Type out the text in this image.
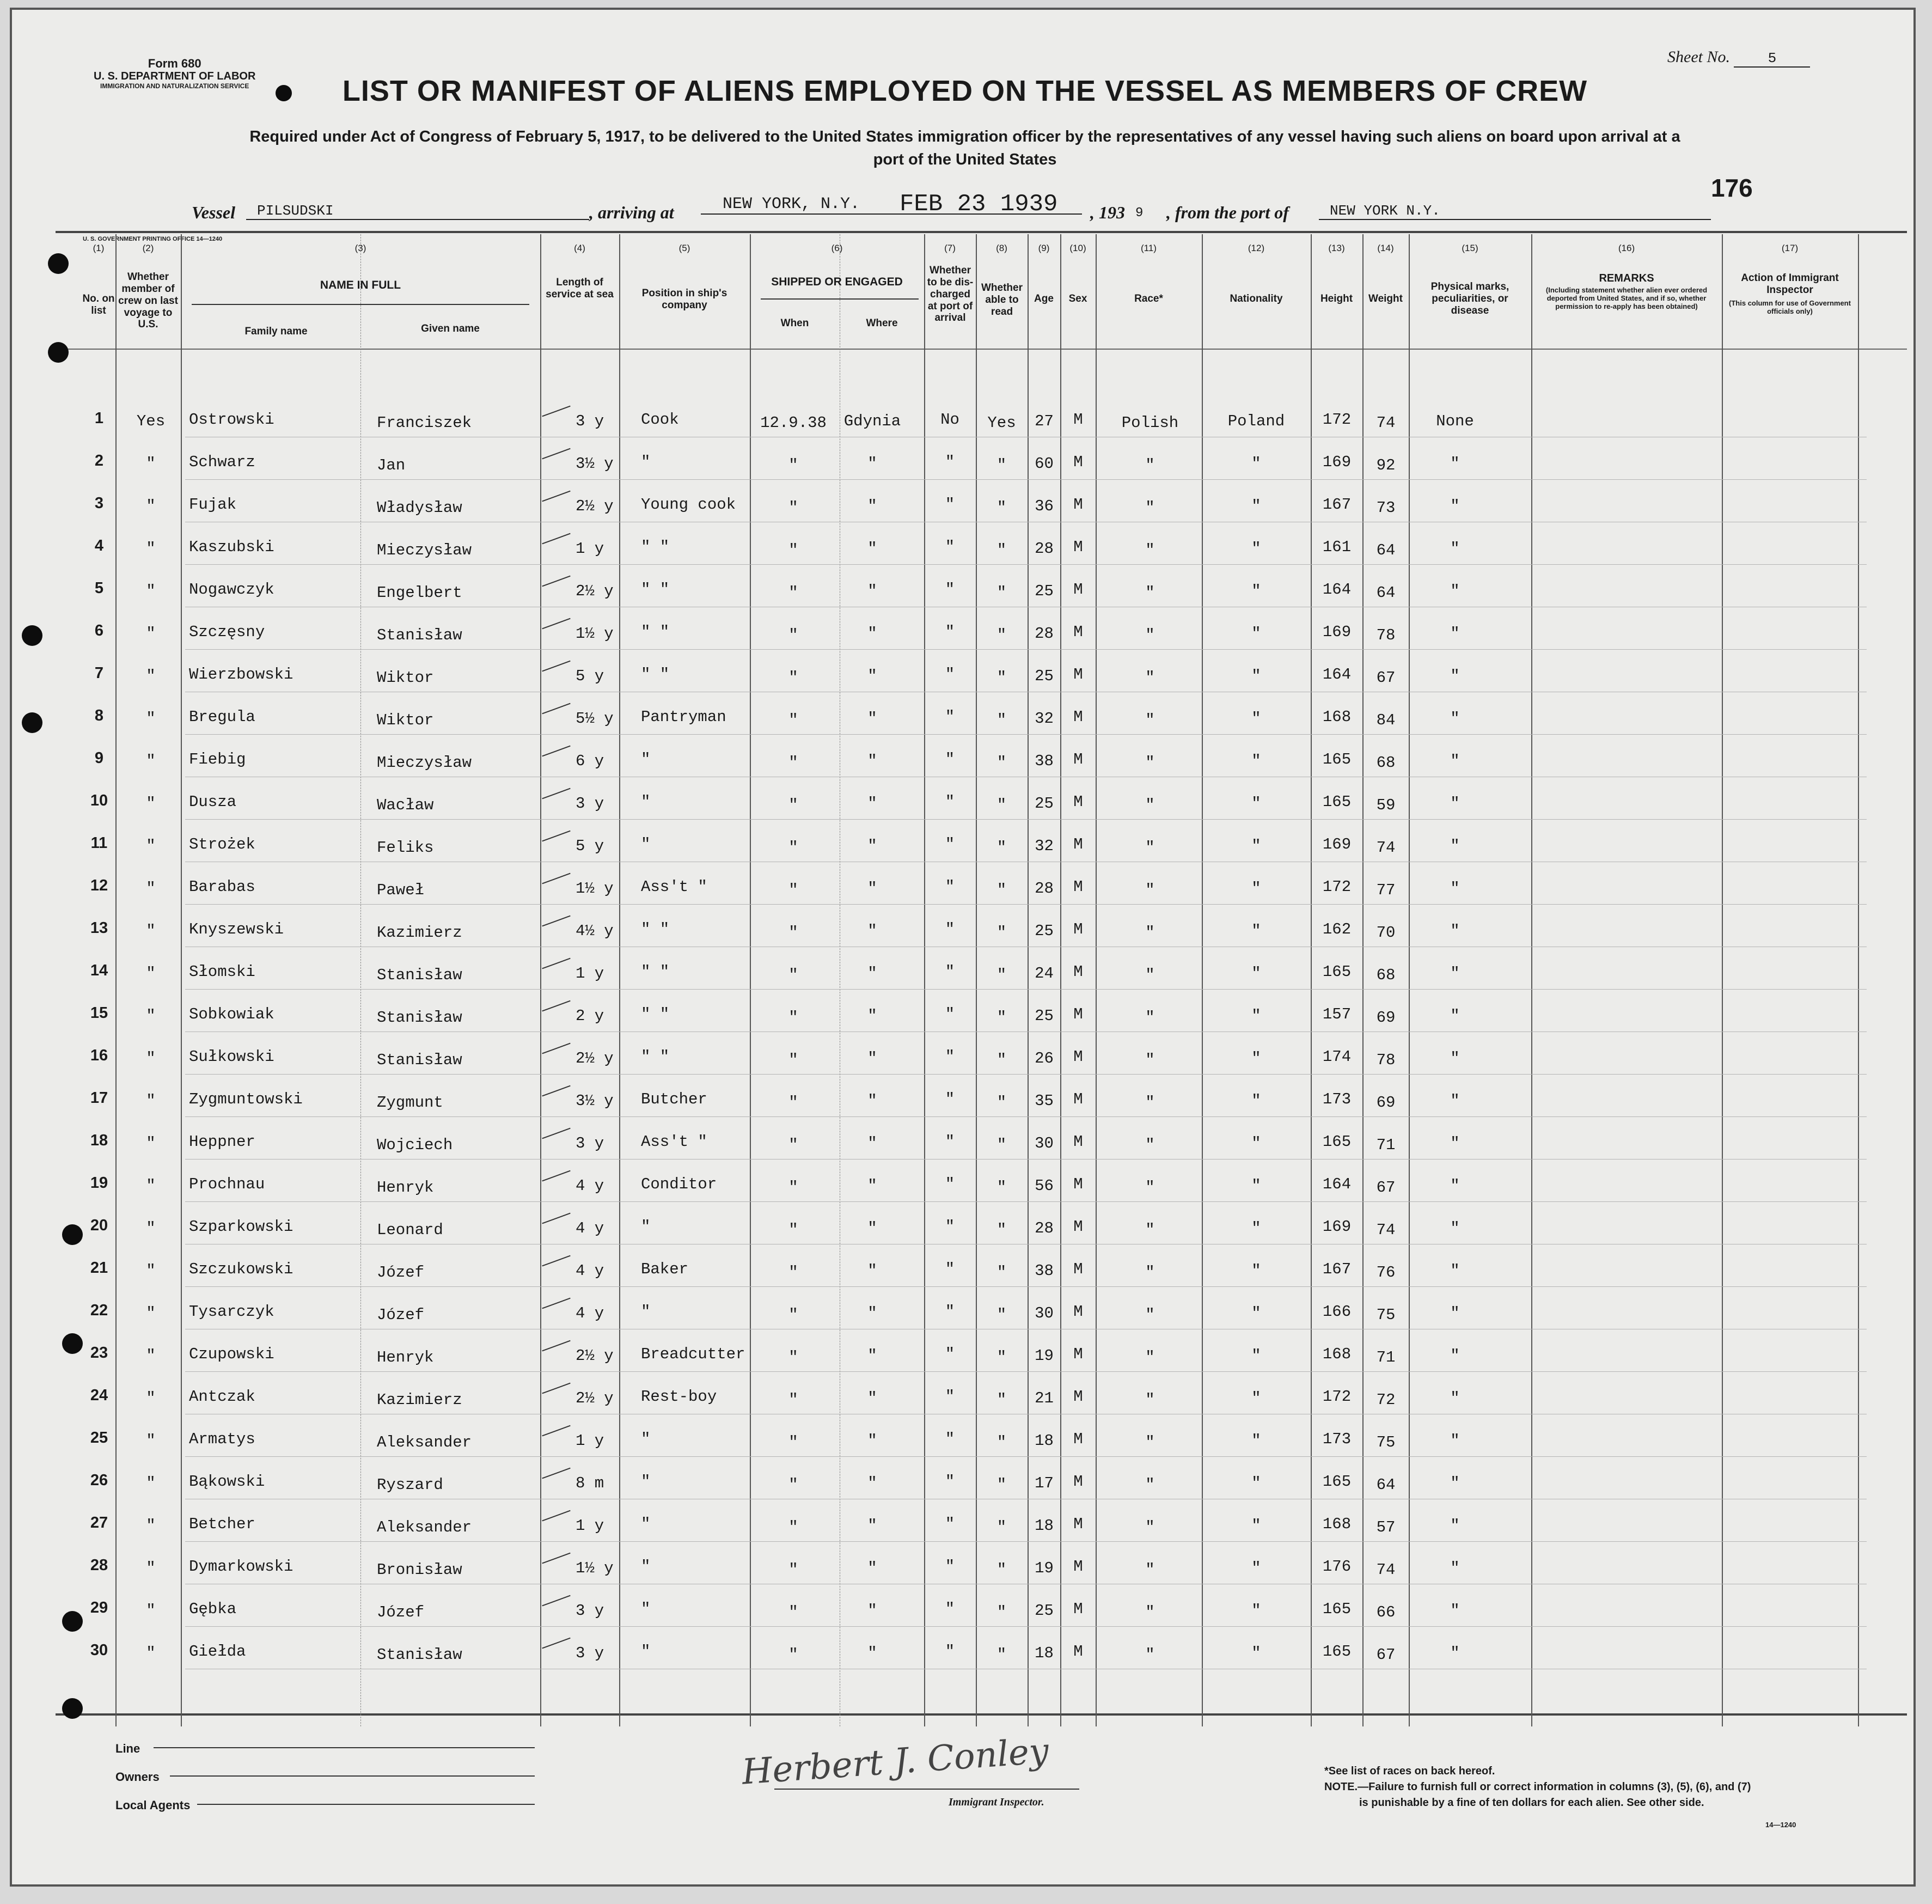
Form 680
U. S. DEPARTMENT OF LABOR
IMMIGRATION AND NATURALIZATION SERVICE
Sheet No.	5
LIST OR MANIFEST OF ALIENS EMPLOYED ON THE VESSEL AS MEMBERS OF CREW
Required under Act of Congress of February 5, 1917, to be delivered to the United States immigration officer by the representatives of any vessel having such aliens on board upon arrival at a
port of the United States
176
Vessel	PILSUDSKI	, arriving at	NEW YORK, N.Y.	FEB 23 1939	, 193 9 , from the port of	NEW YORK N.Y.
U. S. GOVERNMENT PRINTING OFFICE 14—1240
(1)	(2)	(3)	(4)	(5)	(6)	(7)	(8)	(9)	(10)	(11)	(12)	(13)	(14)	(15)	(16)	(17)
No. on list
Whether member of crew on last voyage to U.S.
NAME IN FULL
Family name	Given name
Length of service at sea	Position in ship's company
SHIPPED OR ENGAGED
When	Where
Whether to be dis-charged at port of arrival
Whether able to read
Age	Sex	Race*	Nationality	Height	Weight
Physical marks, peculiarities, or disease
REMARKS
(Including statement whether alien ever ordered deported from United States, and if so, whether permission to re-apply has been obtained)
Action of Immigrant Inspector
(This column for use of Government officials only)
1	Yes	Ostrowski	Franciszek	3 y	Cook	12.9.38	Gdynia	No	Yes	27	M	Polish	Poland	172	74	None
2	"	Schwarz	Jan	3½ y	"	"	"	"	"	60	M	"	"	169	92	"
3	"	Fujak	Władysław	2½ y	Young cook	"	"	"	"	36	M	"	"	167	73	"
4	"	Kaszubski	Mieczysław	1 y	" "	"	"	"	"	28	M	"	"	161	64	"
5	"	Nogawczyk	Engelbert	2½ y	" "	"	"	"	"	25	M	"	"	164	64	"
6	"	Szczęsny	Stanisław	1½ y	" "	"	"	"	"	28	M	"	"	169	78	"
7	"	Wierzbowski	Wiktor	5 y	" "	"	"	"	"	25	M	"	"	164	67	"
8	"	Bregula	Wiktor	5½ y	Pantryman	"	"	"	"	32	M	"	"	168	84	"
9	"	Fiebig	Mieczysław	6 y	"	"	"	"	"	38	M	"	"	165	68	"
10	"	Dusza	Wacław	3 y	"	"	"	"	"	25	M	"	"	165	59	"
11	"	Strożek	Feliks	5 y	"	"	"	"	"	32	M	"	"	169	74	"
12	"	Barabas	Paweł	1½ y	Ass't "	"	"	"	"	28	M	"	"	172	77	"
13	"	Knyszewski	Kazimierz	4½ y	" "	"	"	"	"	25	M	"	"	162	70	"
14	"	Słomski	Stanisław	1 y	" "	"	"	"	"	24	M	"	"	165	68	"
15	"	Sobkowiak	Stanisław	2 y	" "	"	"	"	"	25	M	"	"	157	69	"
16	"	Sułkowski	Stanisław	2½ y	" "	"	"	"	"	26	M	"	"	174	78	"
17	"	Zygmuntowski	Zygmunt	3½ y	Butcher	"	"	"	"	35	M	"	"	173	69	"
18	"	Heppner	Wojciech	3 y	Ass't "	"	"	"	"	30	M	"	"	165	71	"
19	"	Prochnau	Henryk	4 y	Conditor	"	"	"	"	56	M	"	"	164	67	"
20	"	Szparkowski	Leonard	4 y	"	"	"	"	"	28	M	"	"	169	74	"
21	"	Szczukowski	Józef	4 y	Baker	"	"	"	"	38	M	"	"	167	76	"
22	"	Tysarczyk	Józef	4 y	"	"	"	"	"	30	M	"	"	166	75	"
23	"	Czupowski	Henryk	2½ y	Breadcutter	"	"	"	"	19	M	"	"	168	71	"
24	"	Antczak	Kazimierz	2½ y	Rest-boy	"	"	"	"	21	M	"	"	172	72	"
25	"	Armatys	Aleksander	1 y	"	"	"	"	"	18	M	"	"	173	75	"
26	"	Bąkowski	Ryszard	8 m	"	"	"	"	"	17	M	"	"	165	64	"
27	"	Betcher	Aleksander	1 y	"	"	"	"	"	18	M	"	"	168	57	"
28	"	Dymarkowski	Bronisław	1½ y	"	"	"	"	"	19	M	"	"	176	74	"
29	"	Gębka	Józef	3 y	"	"	"	"	"	25	M	"	"	165	66	"
30	"	Giełda	Stanisław	3 y	"	"	"	"	"	18	M	"	"	165	67	"
Line
Owners
Local Agents
Herbert J. Conley
Immigrant Inspector.
*See list of races on back hereof.
NOTE.—Failure to furnish full or correct information in columns (3), (5), (6), and (7)
is punishable by a fine of ten dollars for each alien. See other side.
14—1240
